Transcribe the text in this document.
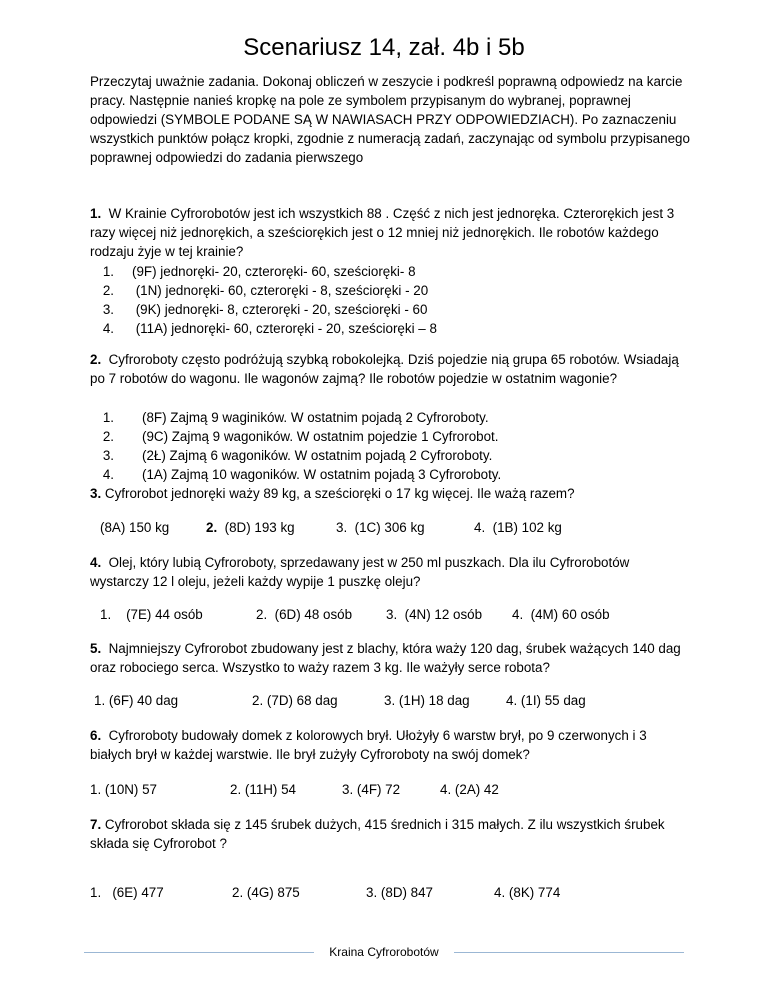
Scenariusz 14, zał. 4b i 5b
Przeczytaj uważnie zadania. Dokonaj obliczeń w zeszycie i podkreśl poprawną odpowiedz na karcie pracy. Następnie nanieś kropkę na pole ze symbolem przypisanym do wybranej, poprawnej odpowiedzi (SYMBOLE PODANE SĄ W NAWIASACH PRZY ODPOWIEDZIACH). Po zaznaczeniu wszystkich punktów połącz kropki, zgodnie z numeracją zadań, zaczynając od symbolu przypisanego poprawnej odpowiedzi do zadania pierwszego
1. W Krainie Cyfrorobotów jest ich wszystkich 88 . Część z nich jest jednoręka. Czterorękich jest 3 razy więcej niż jednorękich, a sześciorękich jest o 12 mniej niż jednorękich. Ile robotów każdego rodzaju żyje w tej krainie?
1. (9F) jednoręki- 20, czteroręki- 60, sześcioręki- 8
2. (1N) jednoręki- 60, czteroręki - 8, sześcioręki - 20
3. (9K) jednoręki- 8, czteroręki - 20, sześcioręki - 60
4. (11A) jednoręki- 60, czteroręki - 20, sześcioręki – 8
2. Cyfroroboty często podróżują szybką robokolejką. Dziś pojedzie nią grupa 65 robotów. Wsiadają po 7 robotów do wagonu. Ile wagonów zajmą? Ile robotów pojedzie w ostatnim wagonie?
1. (8F) Zajmą 9 waginików. W ostatnim pojadą 2 Cyfroroboty.
2. (9C) Zajmą 9 wagoników. W ostatnim pojedzie 1 Cyfrorobot.
3. (2Ł) Zajmą 6 wagoników. W ostatnim pojadą 2 Cyfroroboty.
4. (1A) Zajmą 10 wagoników. W ostatnim pojadą 3 Cyfroroboty.
3. Cyfrorobot jednoręki waży 89 kg, a sześcioręki o 17 kg więcej. Ile ważą razem?
(8A) 150 kg	2. (8D) 193 kg	3. (1C) 306 kg	4. (1B) 102 kg
4. Olej, który lubią Cyfroroboty, sprzedawany jest w 250 ml puszkach. Dla ilu Cyfrorobotów wystarczy 12 l oleju, jeżeli każdy wypije 1 puszkę oleju?
1. (7E) 44 osób	2. (6D) 48 osób	3. (4N) 12 osób 4. (4M) 60 osób
5. Najmniejszy Cyfrorobot zbudowany jest z blachy, która waży 120 dag, śrubek ważących 140 dag oraz robociego serca. Wszystko to waży razem 3 kg. Ile ważyły serce robota?
1. (6F) 40 dag	2. (7D) 68 dag	3. (1H) 18 dag	4. (1I) 55 dag
6. Cyfroroboty budowały domek z kolorowych brył. Ułożyły 6 warstw brył, po 9 czerwonych i 3 białych brył w każdej warstwie. Ile brył zużyły Cyfroroboty na swój domek?
1. (10N) 57	2. (11H) 54	3. (4F) 72	4. (2A) 42
7. Cyfrorobot składa się z 145 śrubek dużych, 415 średnich i 315 małych. Z ilu wszystkich śrubek składa się Cyfrorobot ?
1. (6E) 477	2. (4G) 875	3. (8D) 847	4. (8K) 774
Kraina Cyfrorobotów
